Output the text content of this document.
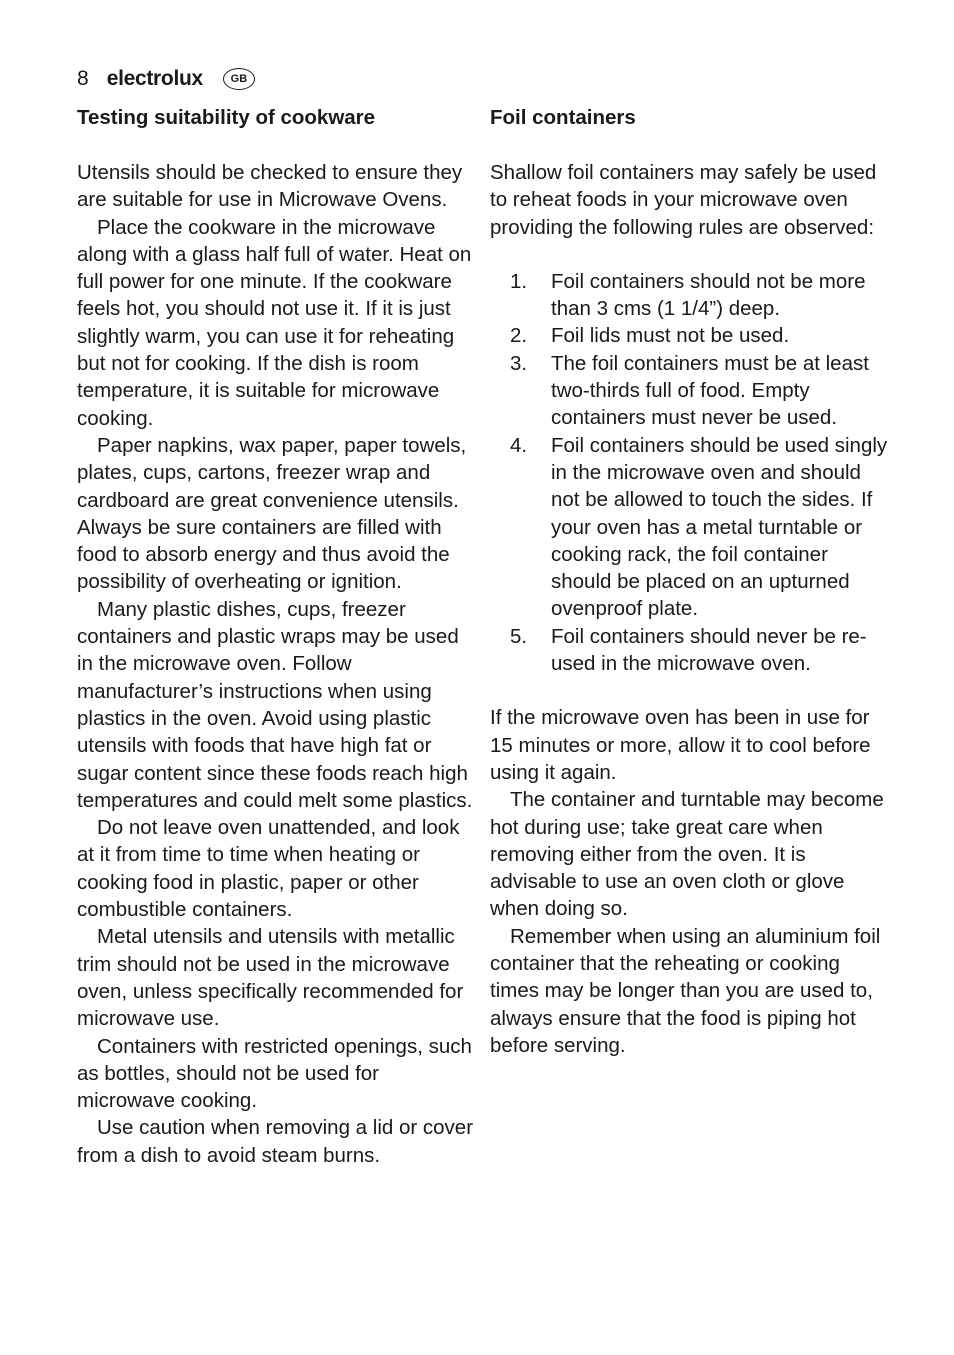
8 electrolux	GB
Testing suitability of cookware

Utensils should be checked to ensure they are suitable for use in Microwave Ovens.

Place the cookware in the microwave along with a glass half full of water. Heat on full power for one minute. If the cookware feels hot, you should not use it. If it is just slightly warm, you can use it for reheating but not for cooking. If the dish is room temperature, it is suitable for microwave cooking.

Paper napkins, wax paper, paper towels, plates, cups, cartons, freezer wrap and cardboard are great convenience utensils. Always be sure containers are filled with food to absorb energy and thus avoid the possibility of overheating or ignition.

Many plastic dishes, cups, freezer containers and plastic wraps may be used in the microwave oven. Follow manufacturer’s instructions when using plastics in the oven. Avoid using plastic utensils with foods that have high fat or sugar content since these foods reach high temperatures and could melt some plastics.

Do not leave oven unattended, and look at it from time to time when heating or cooking food in plastic, paper or other combustible containers.

Metal utensils and utensils with metallic trim should not be used in the microwave oven, unless specifically recommended for microwave use.

Containers with restricted openings, such as bottles, should not be used for microwave cooking.

Use caution when removing a lid or cover from a dish to avoid steam burns.

Foil containers

Shallow foil containers may safely be used to reheat foods in your microwave oven providing the following rules are observed:

1.	Foil containers should not be more than 3 cms (1 1/4”) deep.
2.	Foil lids must not be used.
3.	The foil containers must be at least two-thirds full of food. Empty containers must never be used.
4.	Foil containers should be used singly in the microwave oven and should not be allowed to touch the sides. If your oven has a metal turntable or cooking rack, the foil container should be placed on an upturned ovenproof plate.
5.	Foil containers should never be re-used in the microwave oven.

If the microwave oven has been in use for 15 minutes or more, allow it to cool before using it again.

The container and turntable may become hot during use; take great care when removing either from the oven. It is advisable to use an oven cloth or glove when doing so.

Remember when using an aluminium foil container that the reheating or cooking times may be longer than you are used to, always ensure that the food is piping hot before serving.
